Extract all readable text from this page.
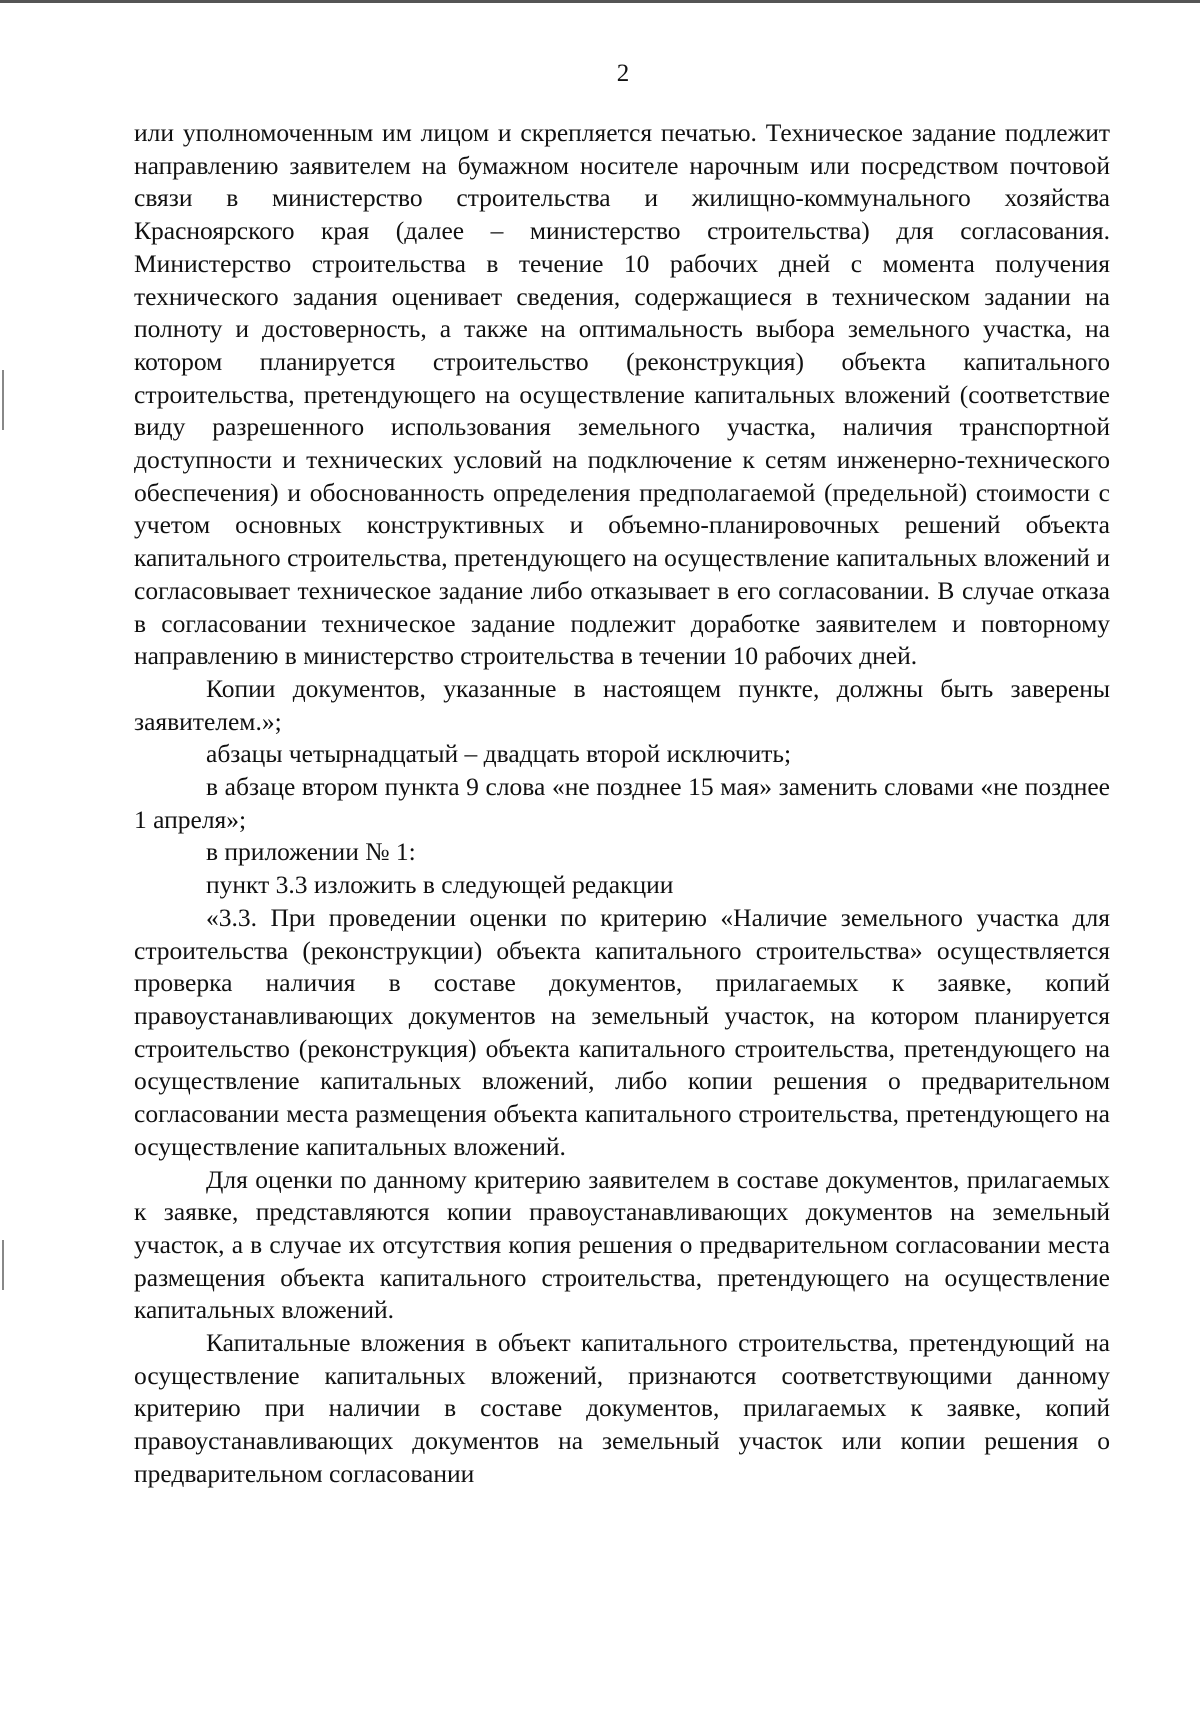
2

или уполномоченным им лицом и скрепляется печатью. Техническое задание подлежит направлению заявителем на бумажном носителе нарочным или посредством почтовой связи в министерство строительства и жилищно-коммунального хозяйства Красноярского края (далее – министерство строительства) для согласования. Министерство строительства в течение 10 рабочих дней с момента получения технического задания оценивает сведения, содержащиеся в техническом задании на полноту и достоверность, а также на оптимальность выбора земельного участка, на котором планируется строительство (реконструкция) объекта капитального строительства, претендующего на осуществление капитальных вложений (соответствие виду разрешенного использования земельного участка, наличия транспортной доступности и технических условий на подключение к сетям инженерно-технического обеспечения) и обоснованность определения предполагаемой (предельной) стоимости с учетом основных конструктивных и объемно-планировочных решений объекта капитального строительства, претендующего на осуществление капитальных вложений и согласовывает техническое задание либо отказывает в его согласовании. В случае отказа в согласовании техническое задание подлежит доработке заявителем и повторному направлению в министерство строительства в течении 10 рабочих дней.

Копии документов, указанные в настоящем пункте, должны быть заверены заявителем.»;

абзацы четырнадцатый – двадцать второй исключить;

в абзаце втором пункта 9 слова «не позднее 15 мая» заменить словами «не позднее 1 апреля»;

в приложении № 1:

пункт 3.3 изложить в следующей редакции

«3.3. При проведении оценки по критерию «Наличие земельного участка для строительства (реконструкции) объекта капитального строительства» осуществляется проверка наличия в составе документов, прилагаемых к заявке, копий правоустанавливающих документов на земельный участок, на котором планируется строительство (реконструкция) объекта капитального строительства, претендующего на осуществление капитальных вложений, либо копии решения о предварительном согласовании места размещения объекта капитального строительства, претендующего на осуществление капитальных вложений.

Для оценки по данному критерию заявителем в составе документов, прилагаемых к заявке, представляются копии правоустанавливающих документов на земельный участок, а в случае их отсутствия копия решения о предварительном согласовании места размещения объекта капитального строительства, претендующего на осуществление капитальных вложений.

Капитальные вложения в объект капитального строительства, претендующий на осуществление капитальных вложений, признаются соответствующими данному критерию при наличии в составе документов, прилагаемых к заявке, копий правоустанавливающих документов на земельный участок или копии решения о предварительном согласовании
